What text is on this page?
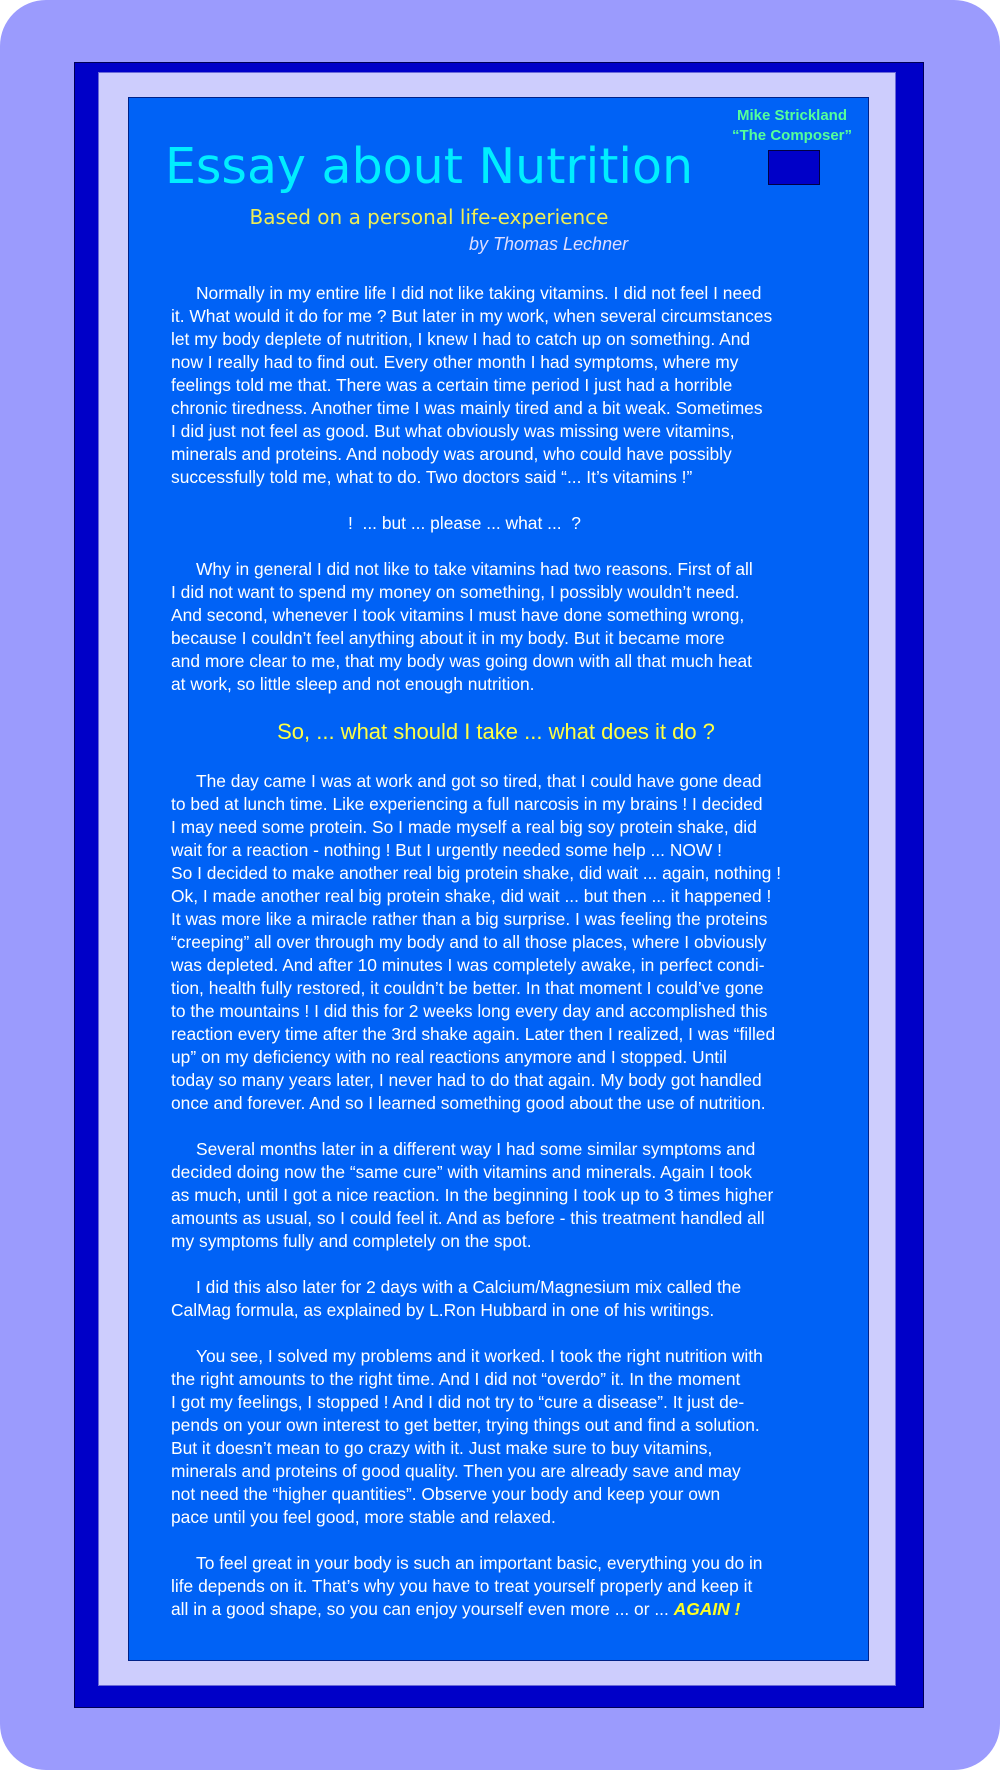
Mike Strickland
“The Composer”
Essay about Nutrition
Based on a personal life-experience
by Thomas Lechner
Normally in my entire life I did not like taking vitamins. I did not feel I need
it. What would it do for me ? But later in my work, when several circumstances
let my body deplete of nutrition, I knew I had to catch up on something. And
now I really had to find out. Every other month I had symptoms, where my
feelings told me that. There was a certain time period I just had a horrible
chronic tiredness. Another time I was mainly tired and a bit weak. Sometimes
I did just not feel as good. But what obviously was missing were vitamins,
minerals and proteins. And nobody was around, who could have possibly
successfully told me, what to do. Two doctors said “... It’s vitamins !”
!  ... but ... please ... what ...  ?
Why in general I did not like to take vitamins had two reasons. First of all
I did not want to spend my money on something, I possibly wouldn’t need.
And second, whenever I took vitamins I must have done something wrong,
because I couldn’t feel anything about it in my body. But it became more
and more clear to me, that my body was going down with all that much heat
at work, so little sleep and not enough nutrition.
So, ... what should I take ... what does it do ?
The day came I was at work and got so tired, that I could have gone dead
to bed at lunch time. Like experiencing a full narcosis in my brains ! I decided
I may need some protein. So I made myself a real big soy protein shake, did
wait for a reaction - nothing ! But I urgently needed some help ... NOW !
So I decided to make another real big protein shake, did wait ... again, nothing !
Ok, I made another real big protein shake, did wait ... but then ... it happened !
It was more like a miracle rather than a big surprise. I was feeling the proteins
“creeping” all over through my body and to all those places, where I obviously
was depleted. And after 10 minutes I was completely awake, in perfect condi-
tion, health fully restored, it couldn’t be better. In that moment I could’ve gone
to the mountains ! I did this for 2 weeks long every day and accomplished this
reaction every time after the 3rd shake again. Later then I realized, I was “filled
up” on my deficiency with no real reactions anymore and I stopped. Until
today so many years later, I never had to do that again. My body got handled
once and forever. And so I learned something good about the use of nutrition.
Several months later in a different way I had some similar symptoms and
decided doing now the “same cure” with vitamins and minerals. Again I took
as much, until I got a nice reaction. In the beginning I took up to 3 times higher
amounts as usual, so I could feel it. And as before - this treatment handled all
my symptoms fully and completely on the spot.
I did this also later for 2 days with a Calcium/Magnesium mix called the
CalMag formula, as explained by L.Ron Hubbard in one of his writings.
You see, I solved my problems and it worked. I took the right nutrition with
the right amounts to the right time. And I did not “overdo” it. In the moment
I got my feelings, I stopped ! And I did not try to “cure a disease”. It just de-
pends on your own interest to get better, trying things out and find a solution.
But it doesn’t mean to go crazy with it. Just make sure to buy vitamins,
minerals and proteins of good quality. Then you are already save and may
not need the “higher quantities”. Observe your body and keep your own
pace until you feel good, more stable and relaxed.
To feel great in your body is such an important basic, everything you do in
life depends on it. That’s why you have to treat yourself properly and keep it
all in a good shape, so you can enjoy yourself even more ... or ... AGAIN !
